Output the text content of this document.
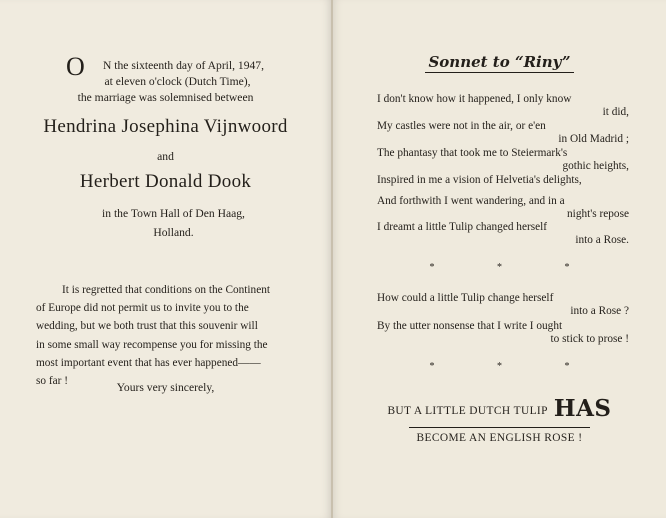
O	N the sixteenth day of April, 1947,
at eleven o'clock (Dutch Time),
the marriage was solemnised between
Hendrina Josephina Vijnwoord
and
Herbert Donald Dook
in the Town Hall of Den Haag,
Holland.
It is regretted that conditions on the Continent
of Europe did not permit us to invite you to the
wedding, but we both trust that this souvenir will
in some small way recompense you for missing the
most important event that has ever happened——
so far !	Yours very sincerely,
Sonnet to “Riny”
I don't know how it happened, I only know
it did,
My castles were not in the air, or e'en
in Old Madrid ;
The phantasy that took me to Steiermark's
gothic heights,
Inspired in me a vision of Helvetia's delights,
And forthwith I went wandering, and in a
night's repose
I dreamt a little Tulip changed herself
into a Rose.
* * *
How could a little Tulip change herself
into a Rose ?
By the utter nonsense that I write I ought
to stick to prose !
* * *
BUT A LITTLE DUTCH TULIP HAS
BECOME AN ENGLISH ROSE !
